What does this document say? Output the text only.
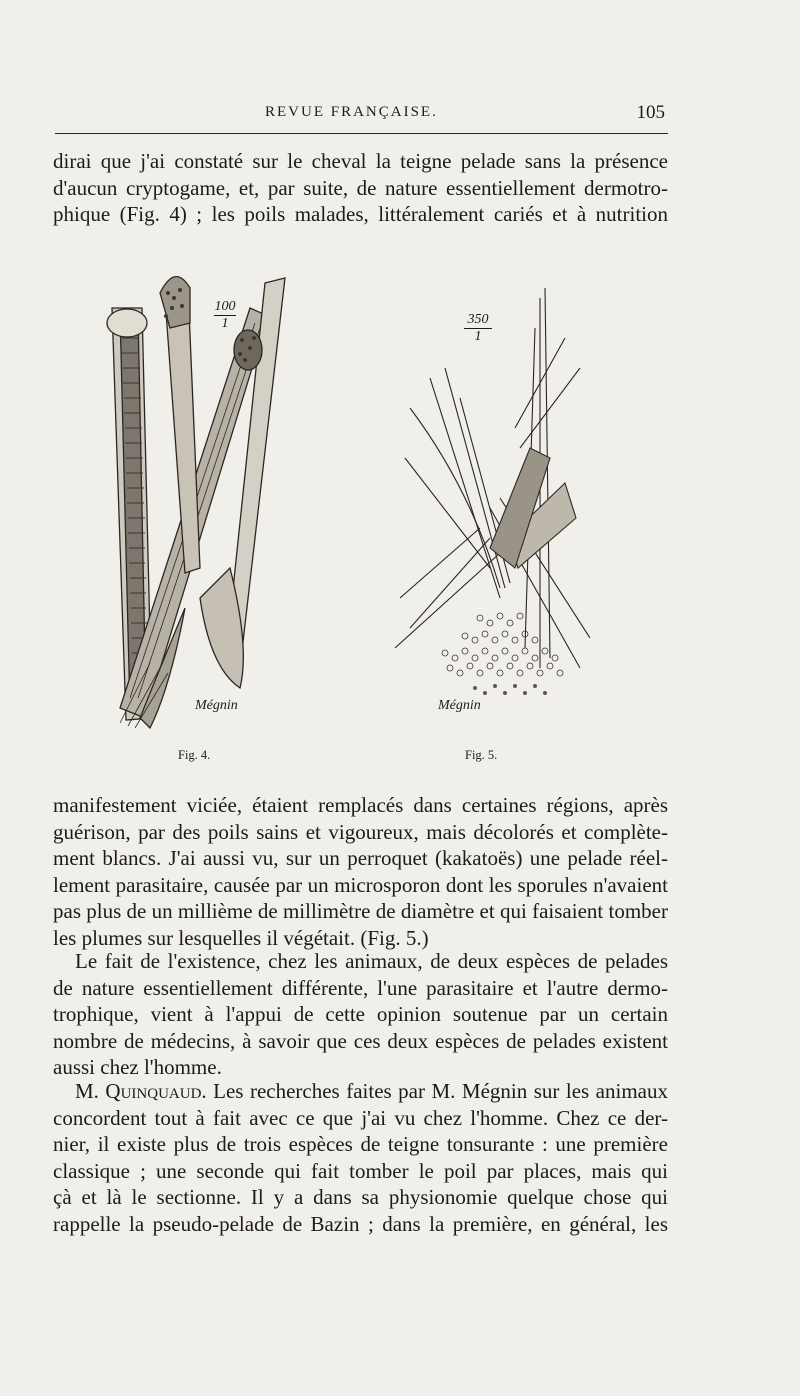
REVUE FRANÇAISE.	105
dirai que j'ai constaté sur le cheval la teigne pelade sans la présence
d'aucun cryptogame, et, par suite, de nature essentiellement dermotro-
phique (Fig. 4) ; les poils malades, littéralement cariés et à nutrition
$\frac{100}{1}$
Mégnin
Fig. 4.
$\frac{350}{1}$
Mégnin
Fig. 5.
manifestement viciée, étaient remplacés dans certaines régions, après
guérison, par des poils sains et vigoureux, mais décolorés et complète-
ment blancs. J'ai aussi vu, sur un perroquet (kakatoës) une pelade réel-
lement parasitaire, causée par un microsporon dont les sporules n'avaient
pas plus de un millième de millimètre de diamètre et qui faisaient tomber
les plumes sur lesquelles il végétait. (Fig. 5.)
Le fait de l'existence, chez les animaux, de deux espèces de pelades
de nature essentiellement différente, l'une parasitaire et l'autre dermo-
trophique, vient à l'appui de cette opinion soutenue par un certain
nombre de médecins, à savoir que ces deux espèces de pelades existent
aussi chez l'homme.
M. Quinquaud. Les recherches faites par M. Mégnin sur les animaux
concordent tout à fait avec ce que j'ai vu chez l'homme. Chez ce der-
nier, il existe plus de trois espèces de teigne tonsurante : une première
classique ; une seconde qui fait tomber le poil par places, mais qui
çà et là le sectionne. Il y a dans sa physionomie quelque chose qui
rappelle la pseudo-pelade de Bazin ; dans la première, en général, les
